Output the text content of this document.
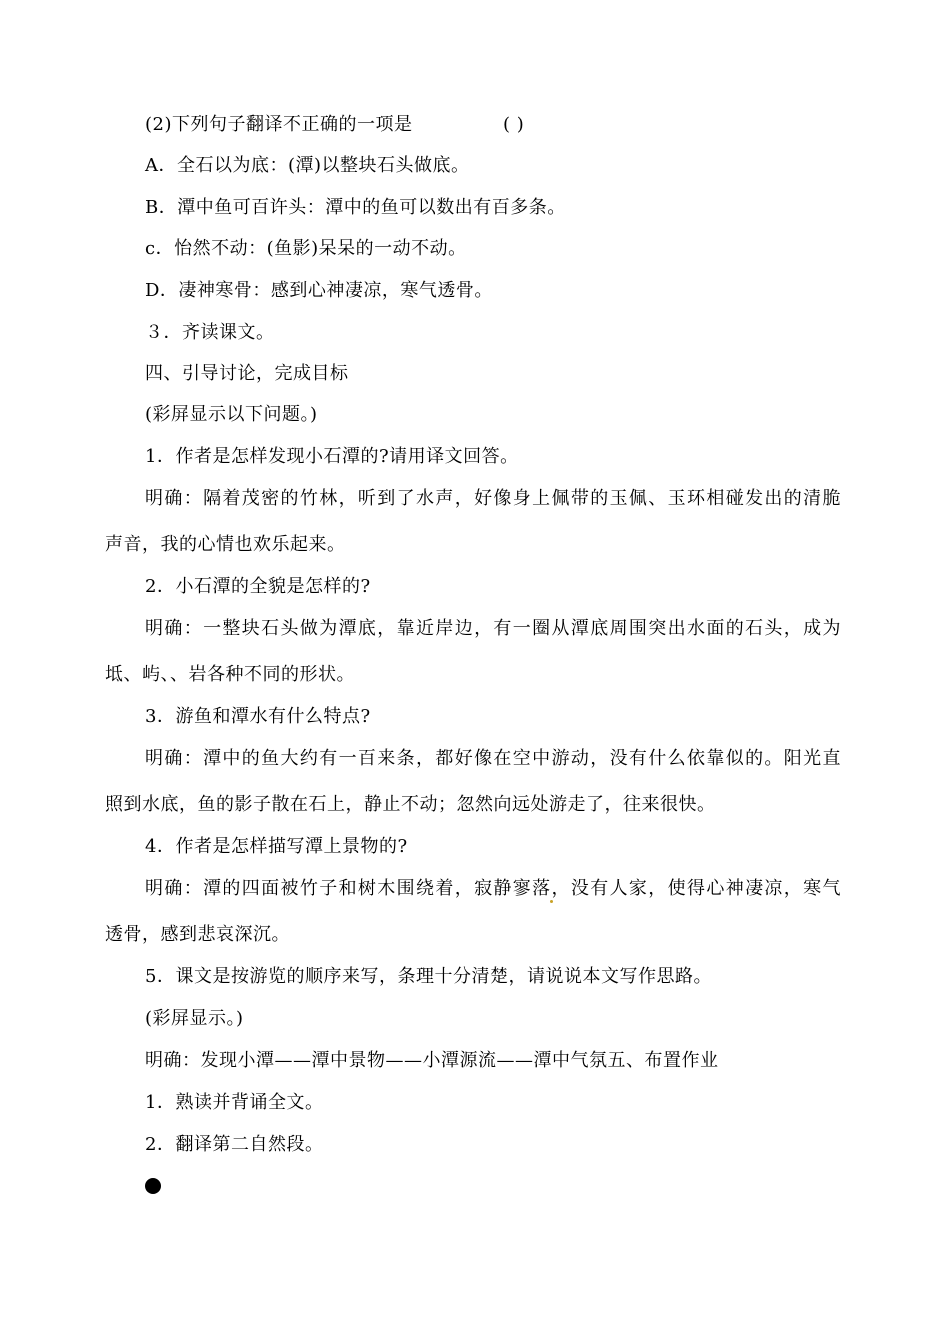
(2)下列句子翻译不正确的一项是	( )
A．全石以为底：(潭)以整块石头做底。
B．潭中鱼可百许头：潭中的鱼可以数出有百多条。
c．怡然不动：(鱼影)呆呆的一动不动。
D．凄神寒骨：感到心神凄凉，寒气透骨。
３．齐读课文。
四、引导讨论，完成目标
(彩屏显示以下问题。)
1．作者是怎样发现小石潭的?请用译文回答。
明确：隔着茂密的竹林，听到了水声，好像身上佩带的玉佩、玉环相碰发出的清脆
声音，我的心情也欢乐起来。
2．小石潭的全貌是怎样的?
明确：一整块石头做为潭底，靠近岸边，有一圈从潭底周围突出水面的石头，成为
坻、屿、、岩各种不同的形状。
3．游鱼和潭水有什么特点?
明确：潭中的鱼大约有一百来条，都好像在空中游动，没有什么依靠似的。阳光直
照到水底，鱼的影子散在石上，静止不动；忽然向远处游走了，往来很快。
4．作者是怎样描写潭上景物的?
明确：潭的四面被竹子和树木围绕着，寂静寥落，没有人家，使得心神凄凉，寒气
透骨，感到悲哀深沉。
5．课文是按游览的顺序来写，条理十分清楚，请说说本文写作思路。
(彩屏显示。)
明确：发现小潭——潭中景物——小潭源流——潭中气氛五、布置作业
1．熟读并背诵全文。
2．翻译第二自然段。
